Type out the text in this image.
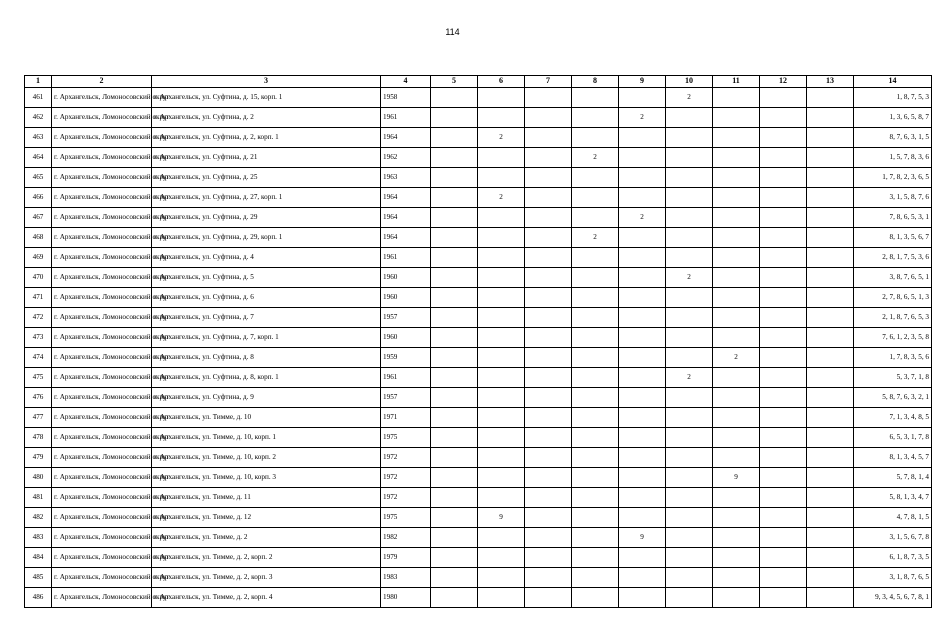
114
1	2	3	4	5	6	7	8	9	10	11	12	13	14
461	г. Архангельск, Ломоносовский округ	г. Архангельск, ул. Суфтина, д. 15, корп. 1	1958						2				1, 8, 7, 5, 3
462	г. Архангельск, Ломоносовский округ	г. Архангельск, ул. Суфтина, д. 2	1961					2					1, 3, 6, 5, 8, 7
463	г. Архангельск, Ломоносовский округ	г. Архангельск, ул. Суфтина, д. 2, корп. 1	1964		2								8, 7, 6, 3, 1, 5
464	г. Архангельск, Ломоносовский округ	г. Архангельск, ул. Суфтина, д. 21	1962				2						1, 5, 7, 8, 3, 6
465	г. Архангельск, Ломоносовский округ	г. Архангельск, ул. Суфтина, д. 25	1963										1, 7, 8, 2, 3, 6, 5
466	г. Архангельск, Ломоносовский округ	г. Архангельск, ул. Суфтина, д. 27, корп. 1	1964		2								3, 1, 5, 8, 7, 6
467	г. Архангельск, Ломоносовский округ	г. Архангельск, ул. Суфтина, д. 29	1964					2					7, 8, 6, 5, 3, 1
468	г. Архангельск, Ломоносовский округ	г. Архангельск, ул. Суфтина, д. 29, корп. 1	1964				2						8, 1, 3, 5, 6, 7
469	г. Архангельск, Ломоносовский округ	г. Архангельск, ул. Суфтина, д. 4	1961										2, 8, 1, 7, 5, 3, 6
470	г. Архангельск, Ломоносовский округ	г. Архангельск, ул. Суфтина, д. 5	1960						2				3, 8, 7, 6, 5, 1
471	г. Архангельск, Ломоносовский округ	г. Архангельск, ул. Суфтина, д. 6	1960										2, 7, 8, 6, 5, 1, 3
472	г. Архангельск, Ломоносовский округ	г. Архангельск, ул. Суфтина, д. 7	1957										2, 1, 8, 7, 6, 5, 3
473	г. Архангельск, Ломоносовский округ	г. Архангельск, ул. Суфтина, д. 7, корп. 1	1960										7, 6, 1, 2, 3, 5, 8
474	г. Архангельск, Ломоносовский округ	г. Архангельск, ул. Суфтина, д. 8	1959							2			1, 7, 8, 3, 5, 6
475	г. Архангельск, Ломоносовский округ	г. Архангельск, ул. Суфтина, д. 8, корп. 1	1961						2				5, 3, 7, 1, 8
476	г. Архангельск, Ломоносовский округ	г. Архангельск, ул. Суфтина, д. 9	1957										5, 8, 7, 6, 3, 2, 1
477	г. Архангельск, Ломоносовский округ	г. Архангельск, ул. Тимме, д. 10	1971										7, 1, 3, 4, 8, 5
478	г. Архангельск, Ломоносовский округ	г. Архангельск, ул. Тимме, д. 10, корп. 1	1975										6, 5, 3, 1, 7, 8
479	г. Архангельск, Ломоносовский округ	г. Архангельск, ул. Тимме, д. 10, корп. 2	1972										8, 1, 3, 4, 5, 7
480	г. Архангельск, Ломоносовский округ	г. Архангельск, ул. Тимме, д. 10, корп. 3	1972							9			5, 7, 8, 1, 4
481	г. Архангельск, Ломоносовский округ	г. Архангельск, ул. Тимме, д. 11	1972										5, 8, 1, 3, 4, 7
482	г. Архангельск, Ломоносовский округ	г. Архангельск, ул. Тимме, д. 12	1975		9								4, 7, 8, 1, 5
483	г. Архангельск, Ломоносовский округ	г. Архангельск, ул. Тимме, д. 2	1982					9					3, 1, 5, 6, 7, 8
484	г. Архангельск, Ломоносовский округ	г. Архангельск, ул. Тимме, д. 2, корп. 2	1979										6, 1, 8, 7, 3, 5
485	г. Архангельск, Ломоносовский округ	г. Архангельск, ул. Тимме, д. 2, корп. 3	1983										3, 1, 8, 7, 6, 5
486	г. Архангельск, Ломоносовский округ	г. Архангельск, ул. Тимме, д. 2, корп. 4	1980										9, 3, 4, 5, 6, 7, 8, 1
